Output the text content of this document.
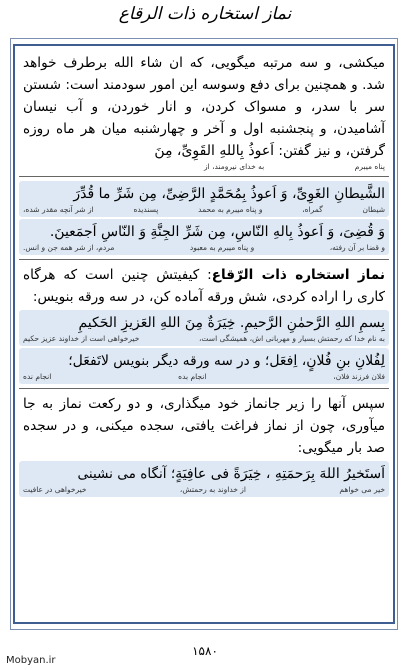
نماز استخاره ذات الرقاع

میکشی، و سه مرتبه میگویی، که ان شاء الله برطرف خواهد شد. و همچنین برای دفع وسوسه این امور سودمند است: شستن سر با سدر، و مسواک کردن، و انار خوردن، و آب نیسان آشامیدن، و پنجشنبه اول و آخر و چهارشنبه میان هر ماه روزه گرفتن، و نیز گفتن: اَعوذُ بِاللهِ القَوِیِّ، مِنَ

پناه میبرم
به خدای نیرومند، از
الشَّیطانِ الغَوِیِّ، وَ اَعوذُ بِمُحَمَّدٍ الرَّضِیِّ، مِن شَرِّ ما قُدِّرَ
شیطان
گمراه،
و پناه میبرم به محمد
پسندیده
از شر آنچه مقدر شده،
وَ قُضِیَ، وَ اَعوذُ بِالهِ النّاسِ، مِن شَرِّ الجِنَّةِ وَ النّاسِ اَجمَعینَ.
و قضا بر آن رفته،
و پناه میبرم به معبود
مردم، از شر همه جن و انس.

نماز استخاره ذات الرّقاع: کیفیتش چنین است که هرگاه کاری را اراده کردی، شش ورقه آماده کن، در سه ورقه بنویس:

بِسمِ اللهِ الرَّحمٰنِ الرَّحیمِ. خِیَرَةٌ مِنَ اللهِ العَزیزِ الحَکیمِ
به نام خدا که رحمتش بسیار و مهربانی اش، همیشگی است،
خیرخواهی است از خداوند عزیز حکیم

لِفُلانِ بنِ فُلانٍ، اِفعَل؛ و در سه ورقه دیگر بنویس لاتَفعَل؛

فلان فرزند فلان،
انجام بده
انجام نده

سپس آنها را زیر جانماز خود میگذاری، و دو رکعت نماز به جا میآوری، چون از نماز فراغت یافتی، سجده میکنی، و در سجده صد بار میگویی:

اَستَخیرُ اللهَ بِرَحمَتِهِ ، خِیَرَةً فی عافِیَةٍ؛ آنگاه می نشینی

خیر می خواهم
از خداوند به رحمتش،
خیرخواهی در عافیت
۱۵۸۰
Mobyan.ir
